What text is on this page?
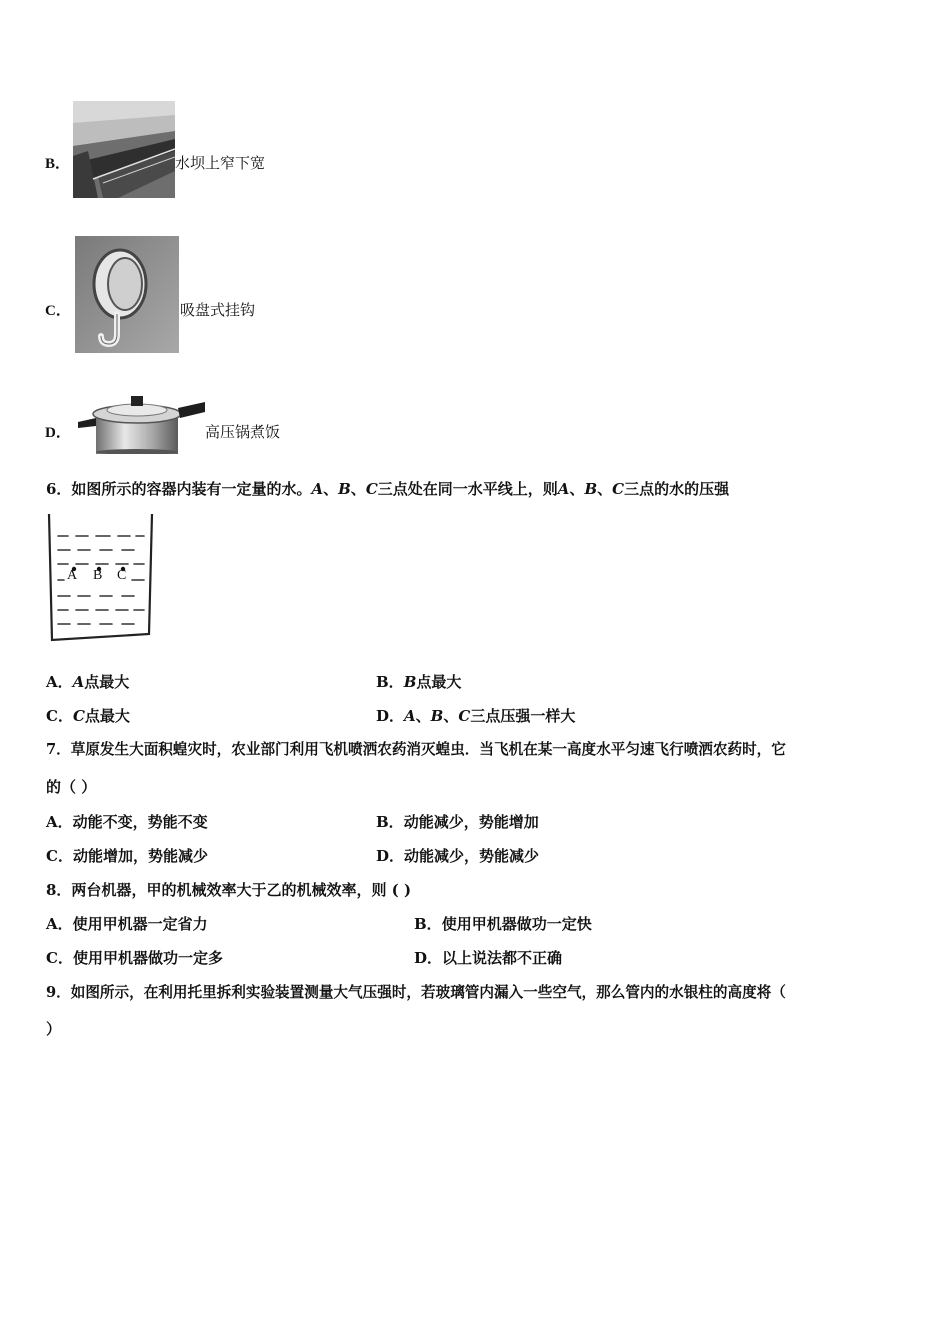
B．	水坝上窄下宽
C．	吸盘式挂钩
D．	高压锅煮饭
6．如图所示的容器内装有一定量的水。A、B、C三点处在同一水平线上，则A、B、C三点的水的压强
A B C
A．A点最大	B．B点最大
C．C点最大	D．A、B、C三点压强一样大
7．草原发生大面积蝗灾时，农业部门利用飞机喷洒农药消灭蝗虫．当飞机在某一高度水平匀速飞行喷洒农药时，它
的（ ）
A．动能不变，势能不变	B．动能减少，势能增加
C．动能增加，势能减少	D．动能减少，势能减少
8．两台机器，甲的机械效率大于乙的机械效率，则 ( )
A．使用甲机器一定省力	B．使用甲机器做功一定快
C．使用甲机器做功一定多	D．以上说法都不正确
9．如图所示，在利用托里拆利实验装置测量大气压强时，若玻璃管内漏入一些空气，那么管内的水银柱的高度将（
）
